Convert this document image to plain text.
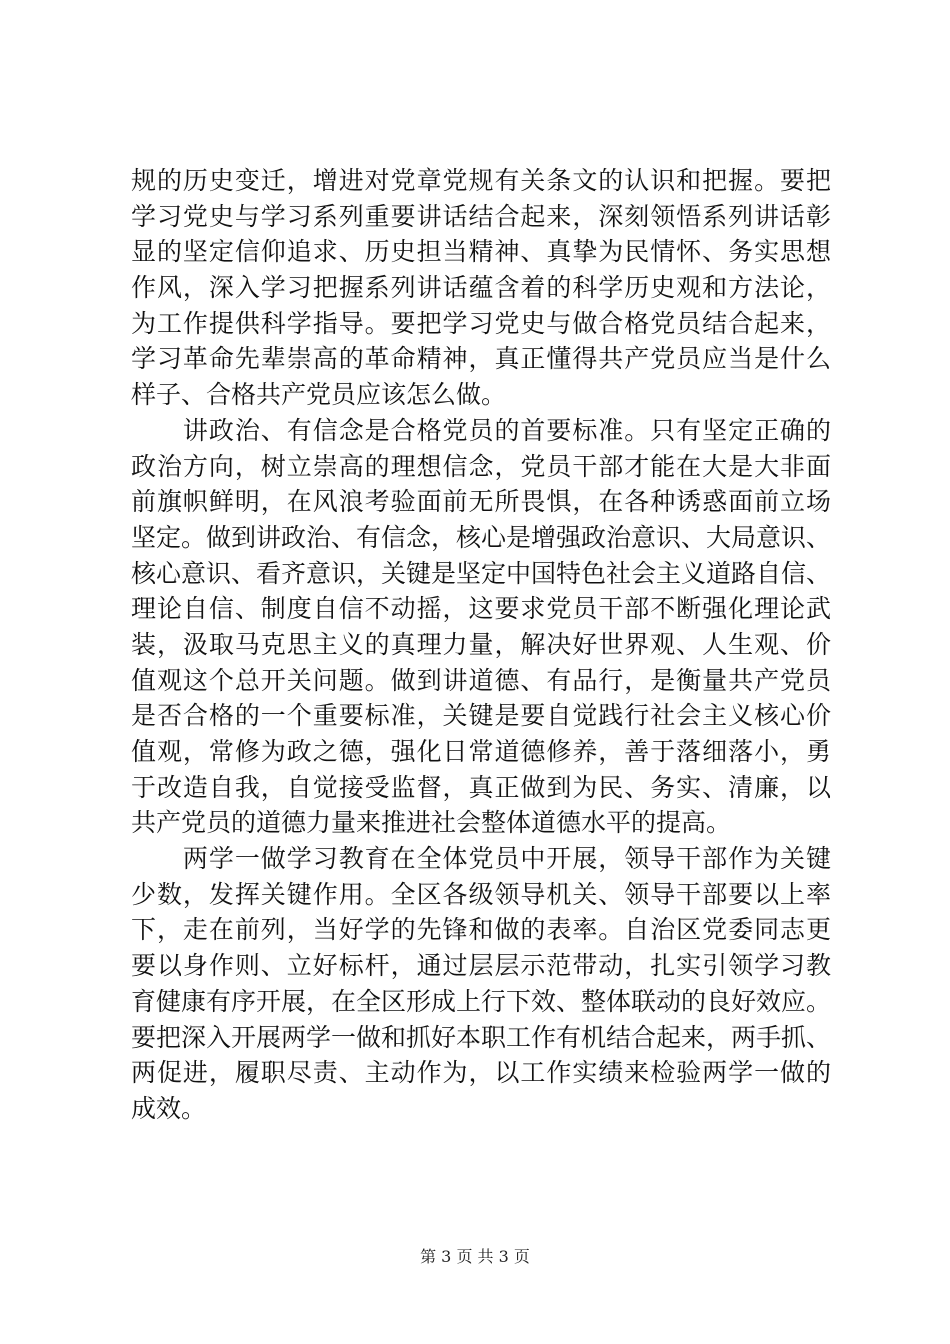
规的历史变迁，增进对党章党规有关条文的认识和把握。要把
学习党史与学习系列重要讲话结合起来，深刻领悟系列讲话彰
显的坚定信仰追求、历史担当精神、真挚为民情怀、务实思想
作风，深入学习把握系列讲话蕴含着的科学历史观和方法论，
为工作提供科学指导。要把学习党史与做合格党员结合起来，
学习革命先辈崇高的革命精神，真正懂得共产党员应当是什么
样子、合格共产党员应该怎么做。
　　讲政治、有信念是合格党员的首要标准。只有坚定正确的
政治方向，树立崇高的理想信念，党员干部才能在大是大非面
前旗帜鲜明，在风浪考验面前无所畏惧，在各种诱惑面前立场
坚定。做到讲政治、有信念，核心是增强政治意识、大局意识、
核心意识、看齐意识，关键是坚定中国特色社会主义道路自信、
理论自信、制度自信不动摇，这要求党员干部不断强化理论武
装，汲取马克思主义的真理力量，解决好世界观、人生观、价
值观这个总开关问题。做到讲道德、有品行，是衡量共产党员
是否合格的一个重要标准，关键是要自觉践行社会主义核心价
值观，常修为政之德，强化日常道德修养，善于落细落小，勇
于改造自我，自觉接受监督，真正做到为民、务实、清廉，以
共产党员的道德力量来推进社会整体道德水平的提高。
　　两学一做学习教育在全体党员中开展，领导干部作为关键
少数，发挥关键作用。全区各级领导机关、领导干部要以上率
下，走在前列，当好学的先锋和做的表率。自治区党委同志更
要以身作则、立好标杆，通过层层示范带动，扎实引领学习教
育健康有序开展，在全区形成上行下效、整体联动的良好效应。
要把深入开展两学一做和抓好本职工作有机结合起来，两手抓、
两促进，履职尽责、主动作为，以工作实绩来检验两学一做的
成效。
第 3 页 共 3 页
